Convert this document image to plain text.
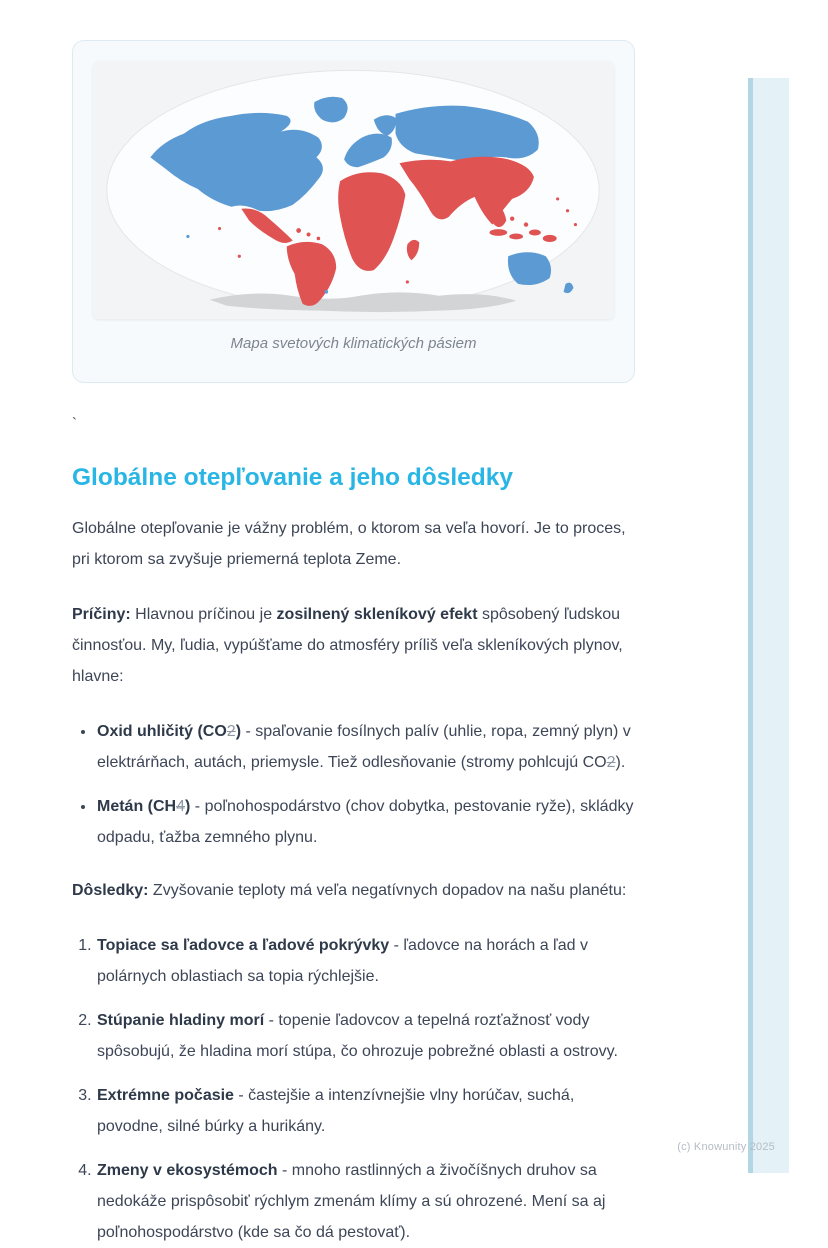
Mapa svetových klimatických pásiem
`
Globálne otepľovanie a jeho dôsledky

Globálne otepľovanie je vážny problém, o ktorom sa veľa hovorí. Je to proces, pri ktorom sa zvyšuje priemerná teplota Zeme.

Príčiny: Hlavnou príčinou je zosilnený skleníkový efekt spôsobený ľudskou činnosťou. My, ľudia, vypúšťame do atmosféry príliš veľa skleníkových plynov, hlavne:

• Oxid uhličitý (CO2) - spaľovanie fosílnych palív (uhlie, ropa, zemný plyn) v elektrárňach, autách, priemysle. Tiež odlesňovanie (stromy pohlcujú CO2).
• Metán (CH4) - poľnohospodárstvo (chov dobytka, pestovanie ryže), skládky odpadu, ťažba zemného plynu.

Dôsledky: Zvyšovanie teploty má veľa negatívnych dopadov na našu planétu:

1. Topiace sa ľadovce a ľadové pokrývky - ľadovce na horách a ľad v polárnych oblastiach sa topia rýchlejšie.
2. Stúpanie hladiny morí - topenie ľadovcov a tepelná rozťažnosť vody spôsobujú, že hladina morí stúpa, čo ohrozuje pobrežné oblasti a ostrovy.
3. Extrémne počasie - častejšie a intenzívnejšie vlny horúčav, suchá, povodne, silné búrky a hurikány.
4. Zmeny v ekosystémoch - mnoho rastlinných a živočíšnych druhov sa nedokáže prispôsobiť rýchlym zmenám klímy a sú ohrozené. Mení sa aj poľnohospodárstvo (kde sa čo dá pestovať).
(c) Knowunity 2025
